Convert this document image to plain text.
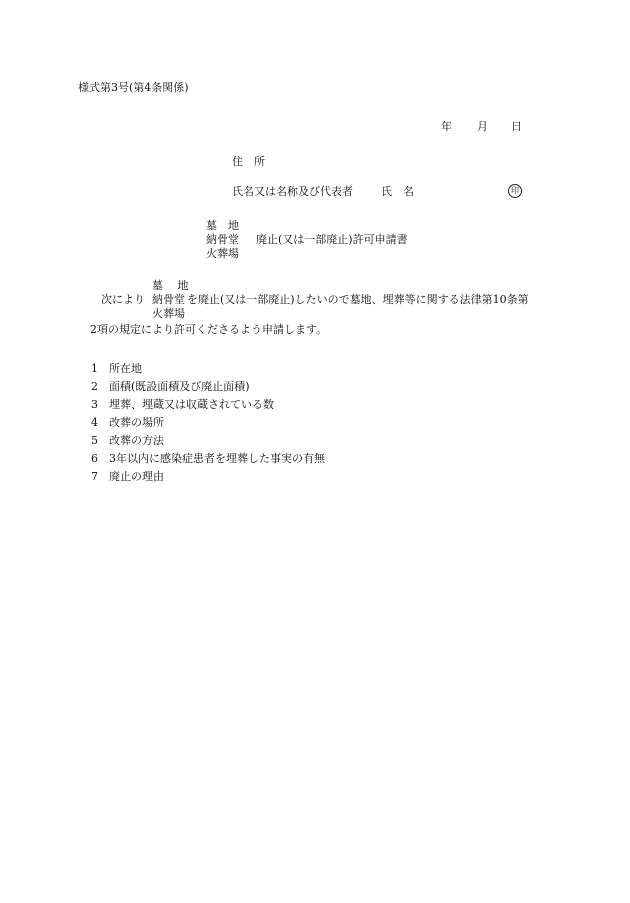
様式第3号(第4条関係)
年 月 日
住　所
氏名又は名称及び代表者	氏　名	印
墓　地
納骨堂
火葬場
廃止(又は一部廃止)許可申請書
墓　 地
次により 納骨堂 を廃止(又は一部廃止)したいので墓地、埋葬等に関する法律第10条第
火葬場
2項の規定により許可くださるよう申請します。
1 所在地
2 面積(既設面積及び廃止面積)
3 埋葬、埋蔵又は収蔵されている数
4 改葬の場所
5 改葬の方法
6 3年以内に感染症患者を埋葬した事実の有無
7 廃止の理由
